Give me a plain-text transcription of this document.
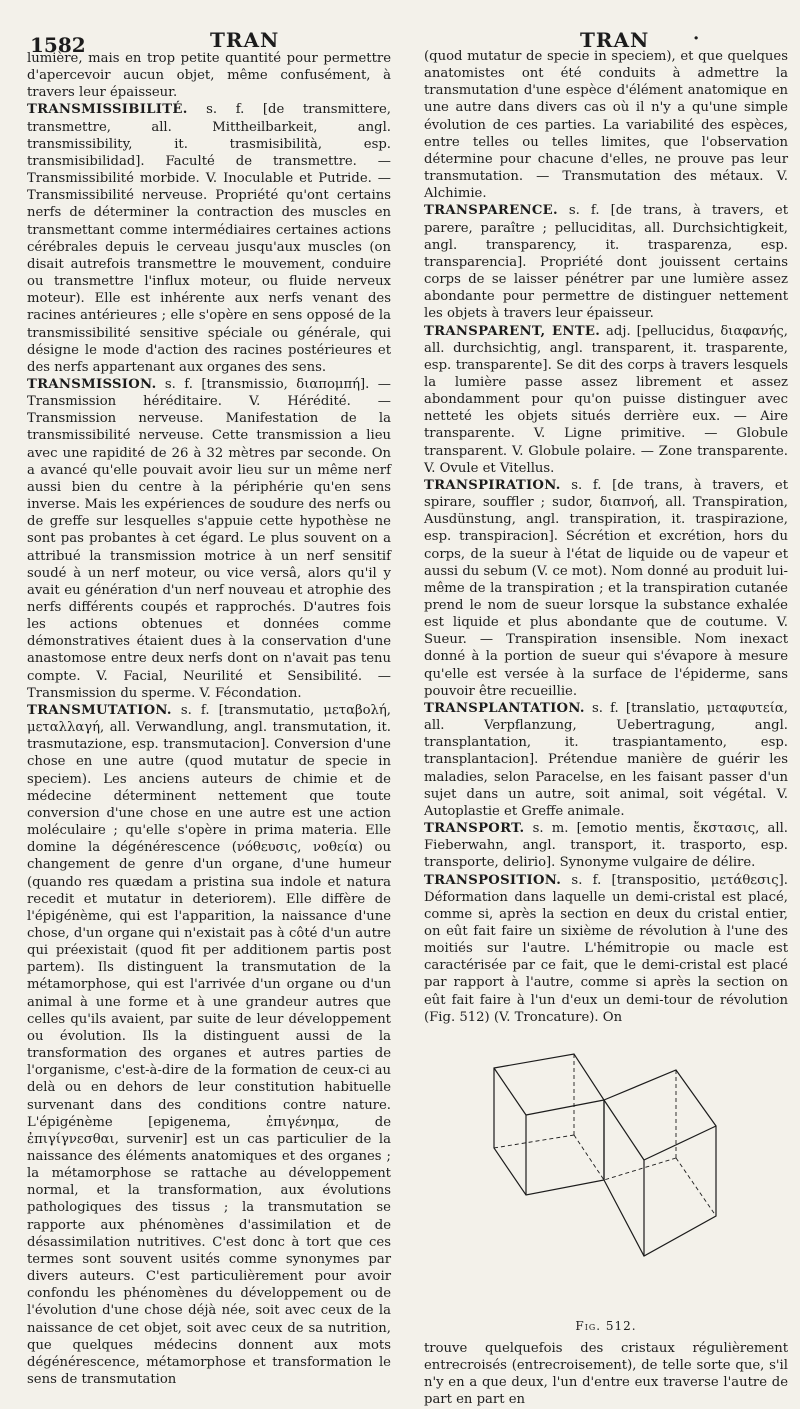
1582	TRAN	TRAN ·

lumière, mais en trop petite quantité pour permettre d'apercevoir aucun objet, même confusément, à travers leur épaisseur.

TRANSMISSIBILITÉ. s. f. [de transmittere, transmettre, all. Mittheilbarkeit, angl. transmissibility, it. trasmisibilità, esp. transmisibilidad]. Faculté de transmettre. — Transmissibilité morbide. V. Inoculable et Putride. — Transmissibilité nerveuse. Propriété qu'ont certains nerfs de déterminer la contraction des muscles en transmettant comme intermédiaires certaines actions cérébrales depuis le cerveau jusqu'aux muscles (on disait autrefois transmettre le mouvement, conduire ou transmettre l'influx moteur, ou fluide nerveux moteur). Elle est inhérente aux nerfs venant des racines antérieures ; elle s'opère en sens opposé de la transmissibilité sensitive spéciale ou générale, qui désigne le mode d'action des racines postérieures et des nerfs appartenant aux organes des sens.

TRANSMISSION. s. f. [transmissio, διαπομπή]. — Transmission héréditaire. V. Hérédité. — Transmission nerveuse. Manifestation de la transmissibilité nerveuse. Cette transmission a lieu avec une rapidité de 26 à 32 mètres par seconde. On a avancé qu'elle pouvait avoir lieu sur un même nerf aussi bien du centre à la périphérie qu'en sens inverse. Mais les expériences de soudure des nerfs ou de greffe sur lesquelles s'appuie cette hypothèse ne sont pas probantes à cet égard. Le plus souvent on a attribué la transmission motrice à un nerf sensitif soudé à un nerf moteur, ou vice versâ, alors qu'il y avait eu génération d'un nerf nouveau et atrophie des nerfs différents coupés et rapprochés. D'autres fois les actions obtenues et données comme démonstratives étaient dues à la conservation d'une anastomose entre deux nerfs dont on n'avait pas tenu compte. V. Facial, Neurilité et Sensibilité. — Transmission du sperme. V. Fécondation.

TRANSMUTATION. s. f. [transmutatio, μεταβολή, μεταλλαγή, all. Verwandlung, angl. transmutation, it. trasmutazione, esp. transmutacion]. Conversion d'une chose en une autre (quod mutatur de specie in speciem). Les anciens auteurs de chimie et de médecine déterminent nettement que toute conversion d'une chose en une autre est une action moléculaire ; qu'elle s'opère in prima materia. Elle domine la dégénérescence (νόθευσις, νοθεία) ou changement de genre d'un organe, d'une humeur (quando res quædam a pristina sua indole et natura recedit et mutatur in deteriorem). Elle diffère de l'épigénème, qui est l'apparition, la naissance d'une chose, d'un organe qui n'existait pas à côté d'un autre qui préexistait (quod fit per additionem partis post partem). Ils distinguent la transmutation de la métamorphose, qui est l'arrivée d'un organe ou d'un animal à une forme et à une grandeur autres que celles qu'ils avaient, par suite de leur développement ou évolution. Ils la distinguent aussi de la transformation des organes et autres parties de l'organisme, c'est-à-dire de la formation de ceux-ci au delà ou en dehors de leur constitution habituelle survenant dans des conditions contre nature. L'épigénème [epigenema, ἐπιγένημα, de ἐπιγίγνεσθαι, survenir] est un cas particulier de la naissance des éléments anatomiques et des organes ; la métamorphose se rattache au développement normal, et la transformation, aux évolutions pathologiques des tissus ; la transmutation se rapporte aux phénomènes d'assimilation et de désassimilation nutritives. C'est donc à tort que ces termes sont souvent usités comme synonymes par divers auteurs. C'est particulièrement pour avoir confondu les phénomènes du développement ou de l'évolution d'une chose déjà née, soit avec ceux de la naissance de cet objet, soit avec ceux de sa nutrition, que quelques médecins donnent aux mots dégénérescence, métamorphose et transformation le sens de transmutation

(quod mutatur de specie in speciem), et que quelques anatomistes ont été conduits à admettre la transmutation d'une espèce d'élément anatomique en une autre dans divers cas où il n'y a qu'une simple évolution de ces parties. La variabilité des espèces, entre telles ou telles limites, que l'observation détermine pour chacune d'elles, ne prouve pas leur transmutation. — Transmutation des métaux. V. Alchimie.

TRANSPARENCE. s. f. [de trans, à travers, et parere, paraître ; pelluciditas, all. Durchsichtigkeit, angl. transparency, it. trasparenza, esp. transparencia]. Propriété dont jouissent certains corps de se laisser pénétrer par une lumière assez abondante pour permettre de distinguer nettement les objets à travers leur épaisseur.

TRANSPARENT, ENTE. adj. [pellucidus, διαφανής, all. durchsichtig, angl. transparent, it. trasparente, esp. transparente]. Se dit des corps à travers lesquels la lumière passe assez librement et assez abondamment pour qu'on puisse distinguer avec netteté les objets situés derrière eux. — Aire transparente. V. Ligne primitive. — Globule transparent. V. Globule polaire. — Zone transparente. V. Ovule et Vitellus.

TRANSPIRATION. s. f. [de trans, à travers, et spirare, souffler ; sudor, διαπνοή, all. Transpiration, Ausdünstung, angl. transpiration, it. traspirazione, esp. transpiracion]. Sécrétion et excrétion, hors du corps, de la sueur à l'état de liquide ou de vapeur et aussi du sebum (V. ce mot). Nom donné au produit lui-même de la transpiration ; et la transpiration cutanée prend le nom de sueur lorsque la substance exhalée est liquide et plus abondante que de coutume. V. Sueur. — Transpiration insensible. Nom inexact donné à la portion de sueur qui s'évapore à mesure qu'elle est versée à la surface de l'épiderme, sans pouvoir être recueillie.

TRANSPLANTATION. s. f. [translatio, μεταφυτεία, all. Verpflanzung, Uebertragung, angl. transplantation, it. traspiantamento, esp. transplantacion]. Prétendue manière de guérir les maladies, selon Paracelse, en les faisant passer d'un sujet dans un autre, soit animal, soit végétal. V. Autoplastie et Greffe animale.

TRANSPORT. s. m. [emotio mentis, ἔκστασις, all. Fieberwahn, angl. transport, it. trasporto, esp. transporte, delirio]. Synonyme vulgaire de délire.

TRANSPOSITION. s. f. [transpositio, μετάθεσις]. Déformation dans laquelle un demi-cristal est placé, comme si, après la section en deux du cristal entier, on eût fait faire un sixième de révolution à l'une des moitiés sur l'autre. L'hémitropie ou macle est caractérisée par ce fait, que le demi-cristal est placé par rapport à l'autre, comme si après la section on eût fait faire à l'un d'eux un demi-tour de révolution (Fig. 512) (V. Troncature). On

Fig. 512.

trouve quelquefois des cristaux régulièrement entrecroisés (entrecroisement), de telle sorte que, s'il n'y en a que deux, l'un d'entre eux traverse l'autre de part en part en
